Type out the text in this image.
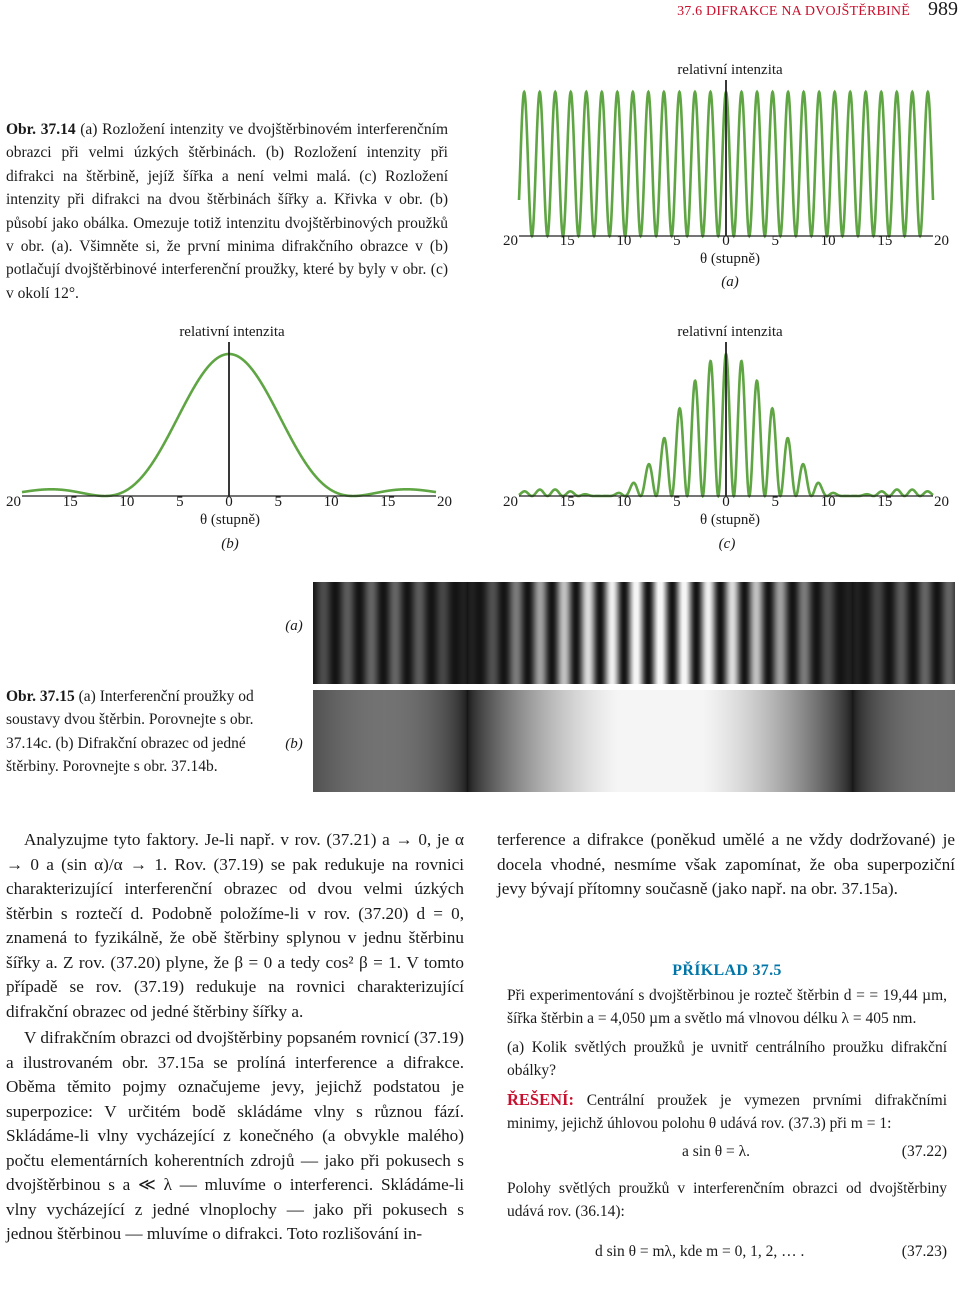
37.6 DIFRAKCE NA DVOJŠTĚRBINĚ 989
Obr. 37.14 (a) Rozložení intenzity ve dvojštěrbinovém interferenčním obrazci při velmi úzkých štěrbinách. (b) Rozložení intenzity při difrakci na štěrbině, jejíž šířka a není velmi malá. (c) Rozložení intenzity při difrakci na dvou štěrbinách šířky a. Křivka v obr. (b) působí jako obálka. Omezuje totiž intenzitu dvojštěrbinových proužků v obr. (a). Všimněte si, že první minima difrakčního obrazce v (b) potlačují dvojštěrbinové interferenční proužky, které by byly v obr. (c) v okolí 12°.
relativní intenzita
20	15	10	5	0	5	10	15	20
θ (stupně)
(a)
relativní intenzita
20	15	10	5	0	5	10	15	20
θ (stupně)
(b)
relativní intenzita
20	15	10	5	0	5	10	15	20
θ (stupně)
(c)
(a)
(b)
Obr. 37.15 (a) Interferenční proužky od soustavy dvou štěrbin. Porovnejte s obr. 37.14c. (b) Difrakční obrazec od jedné štěrbiny. Porovnejte s obr. 37.14b.

Analyzujme tyto faktory. Je-li např. v rov. (37.21) a → 0, je α → 0 a (sin α)/α → 1. Rov. (37.19) se pak redukuje na rovnici charakterizující interferenční obrazec od dvou velmi úzkých štěrbin s roztečí d. Podobně položíme-li v rov. (37.20) d = 0, znamená to fyzikálně, že obě štěrbiny splynou v jednu štěrbinu šířky a. Z rov. (37.20) plyne, že β = 0 a tedy cos² β = 1. V tomto případě se rov. (37.19) redukuje na rovnici charakterizující difrakční obrazec od jedné štěrbiny šířky a.

V difrakčním obrazci od dvojštěrbiny popsaném rovnicí (37.19) a ilustrovaném obr. 37.15a se prolíná interference a difrakce. Oběma těmito pojmy označujeme jevy, jejichž podstatou je superpozice: V určitém bodě skládáme vlny s různou fází. Skládáme-li vlny vycházející z konečného (a obvykle malého) počtu elementárních koherentních zdrojů — jako při pokusech s dvojštěrbinou s a ≪ λ — mluvíme o interferenci. Skládáme-li vlny vycházející z jedné vlnoplochy — jako při pokusech s jednou štěrbinou — mluvíme o difrakci. Toto rozlišování in-

terference a difrakce (poněkud umělé a ne vždy dodržované) je docela vhodné, nesmíme však zapomínat, že oba superpoziční jevy bývají přítomny současně (jako např. na obr. 37.15a).
PŘÍKLAD 37.5
Při experimentování s dvojštěrbinou je rozteč štěrbin d = = 19,44 µm, šířka štěrbin a = 4,050 µm a světlo má vlnovou délku λ = 405 nm.
(a) Kolik světlých proužků je uvnitř centrálního proužku difrakční obálky?
ŘEŠENÍ: Centrální proužek je vymezen prvními difrakčními minimy, jejichž úhlovou polohu θ udává rov. (37.3) při m = 1:
a sin θ = λ.	(37.22)
Polohy světlých proužků v interferenčním obrazci od dvojštěrbiny udává rov. (36.14):
d sin θ = mλ, kde m = 0, 1, 2, … .	(37.23)
